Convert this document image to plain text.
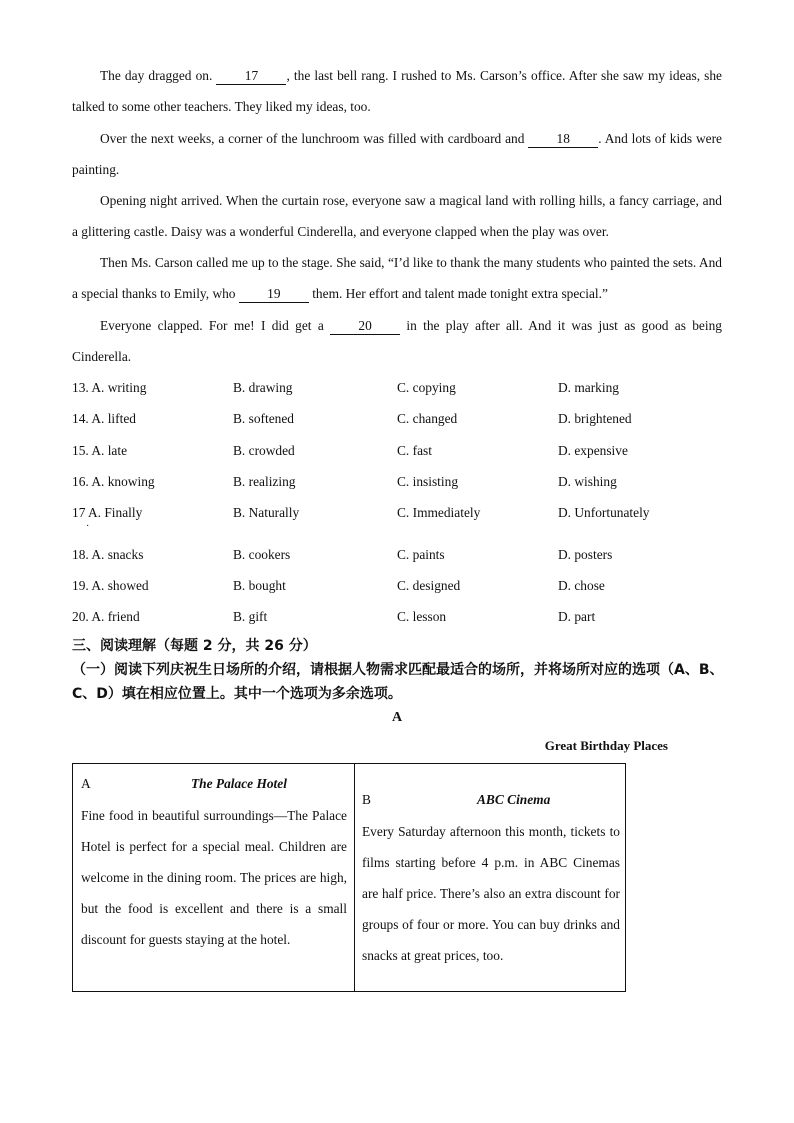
The day dragged on. 17 , the last bell rang. I rushed to Ms. Carson’s office. After she saw my ideas, she talked to some other teachers. They liked my ideas, too.

Over the next weeks, a corner of the lunchroom was filled with cardboard and 18 . And lots of kids were painting.

Opening night arrived. When the curtain rose, everyone saw a magical land with rolling hills, a fancy carriage, and a glittering castle. Daisy was a wonderful Cinderella, and everyone clapped when the play was over.

Then Ms. Carson called me up to the stage. She said, “I’d like to thank the many students who painted the sets. And a special thanks to Emily, who 19 them. Her effort and talent made tonight extra special.”

Everyone clapped. For me! I did get a 20 in the play after all. And it was just as good as being Cinderella.

13. A. writing	B. drawing	C. copying	D. marking
14. A. lifted	B. softened	C. changed	D. brightened
15. A. late	B. crowded	C. fast	D. expensive
16. A. knowing	B. realizing	C. insisting	D. wishing
17 A. Finally	B. Naturally	C. Immediately	D. Unfortunately
·
18. A. snacks	B. cookers	C. paints	D. posters
19. A. showed	B. bought	C. designed	D. chose
20. A. friend	B. gift	C. lesson	D. part
三、阅读理解（每题 2 分，共 26 分）
（一）阅读下列庆祝生日场所的介绍，请根据人物需求匹配最适合的场所，并将场所对应的选项（A、B、C、D）填在相应位置上。其中一个选项为多余选项。
A
Great Birthday Places
A	The Palace Hotel

Fine food in beautiful surroundings—The Palace Hotel is perfect for a special meal. Children are welcome in the dining room. The prices are high, but the food is excellent and there is a small discount for guests staying at the hotel.

B	ABC Cinema

Every Saturday afternoon this month, tickets to films starting before 4 p.m. in ABC Cinemas are half price. There’s also an extra discount for groups of four or more. You can buy drinks and snacks at great prices, too.
